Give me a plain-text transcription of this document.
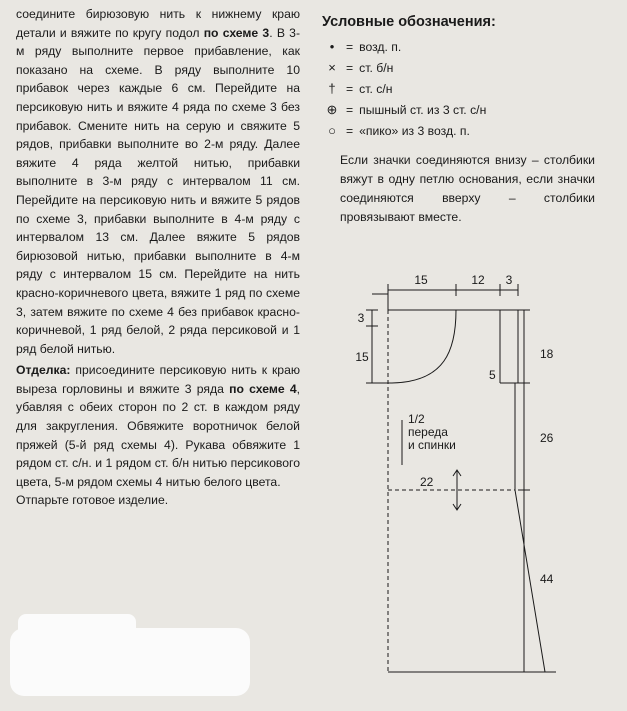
соедините бирюзовую нить к нижнему краю детали и вяжите по кругу подол по схеме 3. В 3-м ряду выполните первое прибавление, как показано на схеме. В ряду выполните 10 прибавок через каждые 6 см. Перейдите на персиковую нить и вяжите 4 ряда по схеме 3 без прибавок. Смените нить на серую и свяжите 5 рядов, прибавки выполните во 2-м ряду. Далее вяжите 4 ряда желтой нитью, прибавки выполните в 3-м ряду с интервалом 11 см. Перейдите на персиковую нить и вяжите 5 рядов по схеме 3, прибавки выполните в 4-м ряду с интервалом 13 см. Далее вяжите 5 рядов бирюзовой нитью, прибавки выполните в 4-м ряду с интервалом 15 см. Перейдите на нить красно-коричневого цвета, вяжите 1 ряд по схеме 3, затем вяжите по схеме 4 без прибавок красно-коричневой, 1 ряд белой, 2 ряда персиковой и 1 ряд белой нитью.

Отделка: присоедините персиковую нить к краю выреза горловины и вяжите 3 ряда по схеме 4, убавляя с обеих сторон по 2 ст. в каждом ряду для закругления. Обвяжите воротничок белой пряжей (5-й ряд схемы 4). Рукава обвяжите 1 рядом ст. с/н. и 1 рядом ст. б/н нитью персикового цвета, 5-м рядом схемы 4 нитью белого цвета.

Отпарьте готовое изделие.

Условные обозначения:
• = возд. п.
× = ст. б/н
† = ст. с/н
⊕ = пышный ст. из 3 ст. с/н
○ = «пико» из 3 возд. п.
Если значки соединяются внизу – столбики вяжут в одну петлю основания, если значки соединяются вверху – столбики провязывают вместе.
15	12 3
3
15	18
26
44
5
22
1/2
переда
и спинки
